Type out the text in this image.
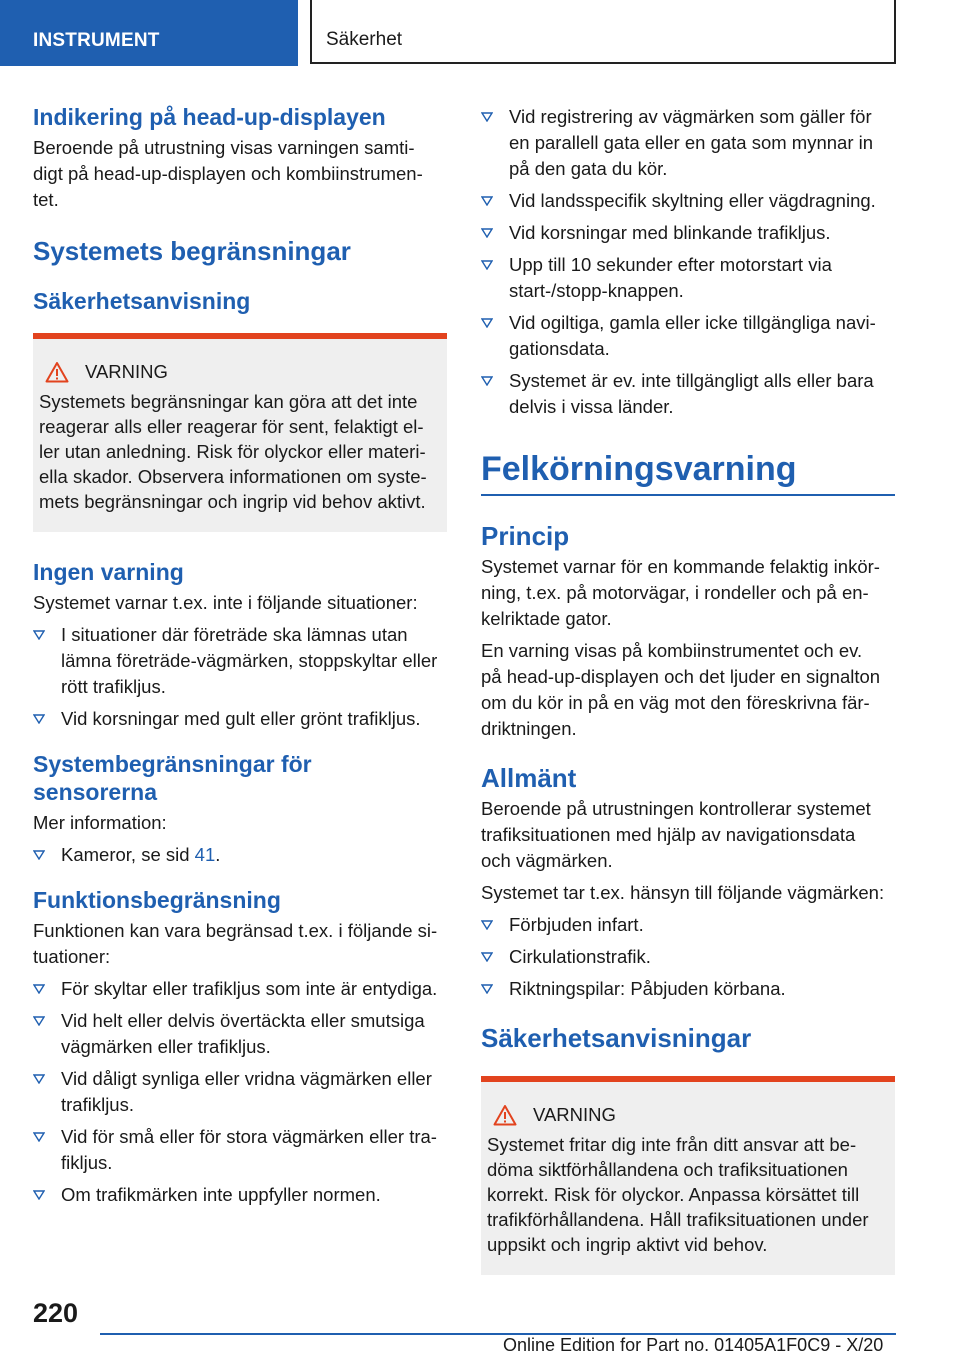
INSTRUMENT	Säkerhet
Indikering på head-up-displayen
Beroende på utrustning visas varningen samti-
digt på head-up-displayen och kombiinstrumen-
tet.
Systemets begränsningar
Säkerhetsanvisning
VARNING
Systemets begränsningar kan göra att det inte
reagerar alls eller reagerar för sent, felaktigt el-
ler utan anledning. Risk för olyckor eller materi-
ella skador. Observera informationen om syste-
mets begränsningar och ingrip vid behov aktivt.
Ingen varning
Systemet varnar t.ex. inte i följande situationer:
I situationer där företräde ska lämnas utan
lämna företräde-vägmärken, stoppskyltar eller
rött trafikljus.
Vid korsningar med gult eller grönt trafikljus.
Systembegränsningar för
sensorerna
Mer information:
Kameror, se sid 41.
Funktionsbegränsning
Funktionen kan vara begränsad t.ex. i följande si-
tuationer:
För skyltar eller trafikljus som inte är entydiga.
Vid helt eller delvis övertäckta eller smutsiga
vägmärken eller trafikljus.
Vid dåligt synliga eller vridna vägmärken eller
trafikljus.
Vid för små eller för stora vägmärken eller tra-
fikljus.
Om trafikmärken inte uppfyller normen.
Vid registrering av vägmärken som gäller för
en parallell gata eller en gata som mynnar in
på den gata du kör.
Vid landsspecifik skyltning eller vägdragning.
Vid korsningar med blinkande trafikljus.
Upp till 10 sekunder efter motorstart via
start-/stopp-knappen.
Vid ogiltiga, gamla eller icke tillgängliga navi-
gationsdata.
Systemet är ev. inte tillgängligt alls eller bara
delvis i vissa länder.
Felkörningsvarning
Princip
Systemet varnar för en kommande felaktig inkör-
ning, t.ex. på motorvägar, i rondeller och på en-
kelriktade gator.
En varning visas på kombiinstrumentet och ev.
på head-up-displayen och det ljuder en signalton
om du kör in på en väg mot den föreskrivna fär-
driktningen.
Allmänt
Beroende på utrustningen kontrollerar systemet
trafiksituationen med hjälp av navigationsdata
och vägmärken.
Systemet tar t.ex. hänsyn till följande vägmärken:
Förbjuden infart.
Cirkulationstrafik.
Riktningspilar: Påbjuden körbana.
Säkerhetsanvisningar
VARNING
Systemet fritar dig inte från ditt ansvar att be-
döma siktförhållandena och trafiksituationen
korrekt. Risk för olyckor. Anpassa körsättet till
trafikförhållandena. Håll trafiksituationen under
uppsikt och ingrip aktivt vid behov.
220
Online Edition for Part no. 01405A1F0C9 - X/20
